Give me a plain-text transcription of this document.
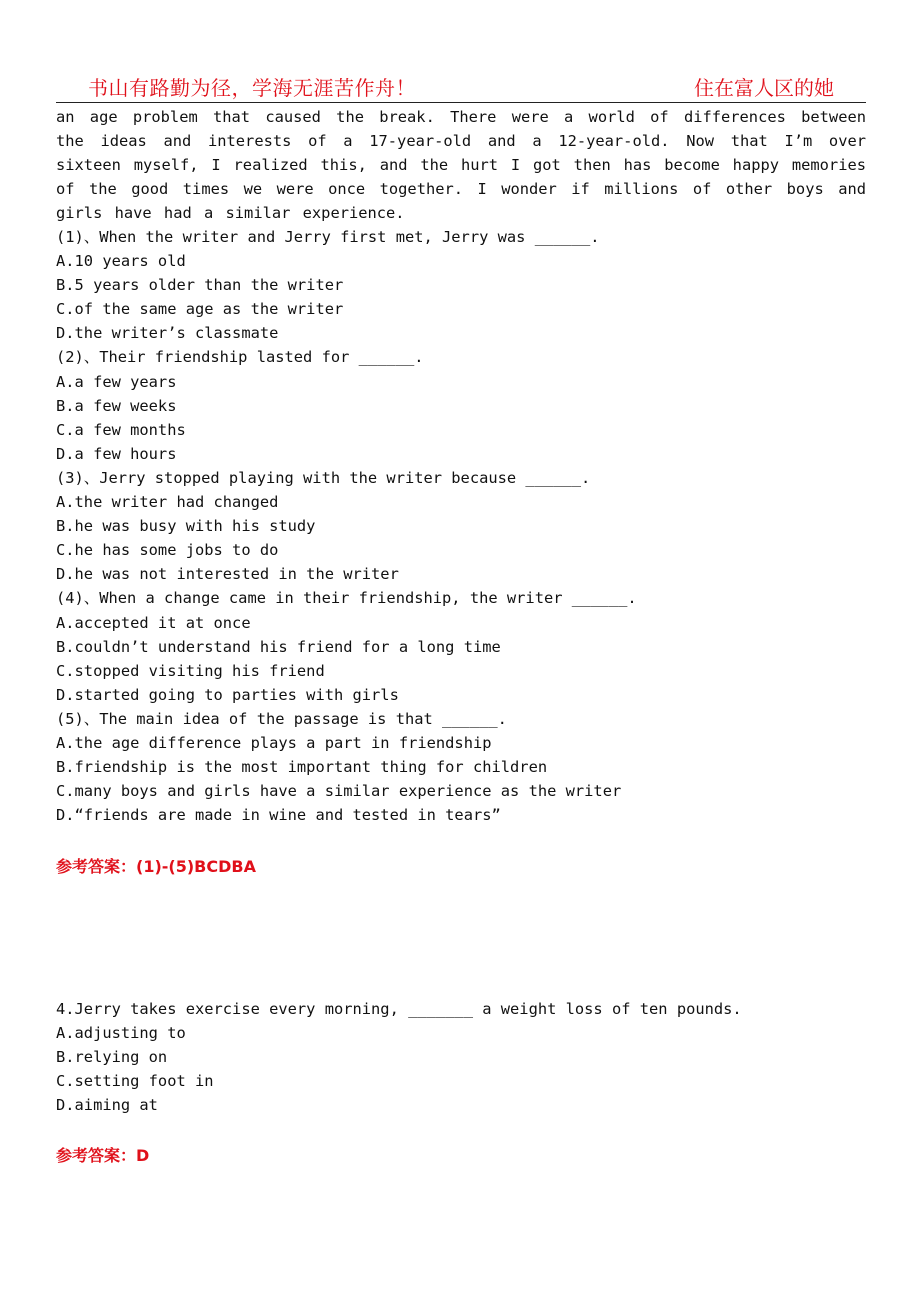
书山有路勤为径，学海无涯苦作舟！	住在富人区的她

an age problem that caused the break. There were a world of differences between the ideas and interests of a 17-year-old and a 12-year-old. Now that I’m over sixteen myself, I realized this, and the hurt I got then has become happy memories of the good times we were once together. I wonder if millions of other boys and girls have had a similar experience.

(1)、When the writer and Jerry first met, Jerry was ______.
A.10 years old
B.5 years older than the writer
C.of the same age as the writer
D.the writer’s classmate
(2)、Their friendship lasted for ______.
A.a few years
B.a few weeks
C.a few months
D.a few hours
(3)、Jerry stopped playing with the writer because ______.
A.the writer had changed
B.he was busy with his study
C.he has some jobs to do
D.he was not interested in the writer
(4)、When a change came in their friendship, the writer ______.
A.accepted it at once
B.couldn’t understand his friend for a long time
C.stopped visiting his friend
D.started going to parties with girls
(5)、The main idea of the passage is that ______.
A.the age difference plays a part in friendship
B.friendship is the most important thing for children
C.many boys and girls have a similar experience as the writer
D.“friends are made in wine and tested in tears”
参考答案：(1)-(5)BCDBA
4.Jerry takes exercise every morning, _______ a weight loss of ten pounds.
A.adjusting to
B.relying on
C.setting foot in
D.aiming at
参考答案：D
